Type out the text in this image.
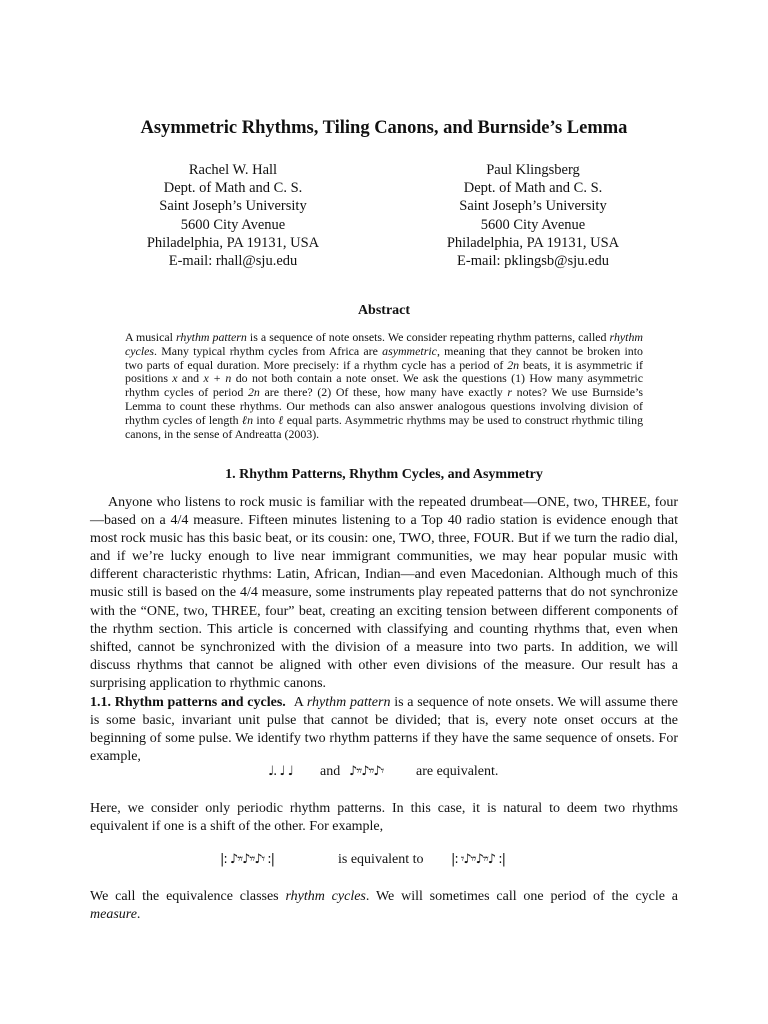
Asymmetric Rhythms, Tiling Canons, and Burnside’s Lemma
Rachel W. Hall
Dept. of Math and C. S.
Saint Joseph’s University
5600 City Avenue
Philadelphia, PA 19131, USA
E-mail: rhall@sju.edu
Paul Klingsberg
Dept. of Math and C. S.
Saint Joseph’s University
5600 City Avenue
Philadelphia, PA 19131, USA
E-mail: pklingsb@sju.edu
Abstract

A musical rhythm pattern is a sequence of note onsets. We consider repeating rhythm patterns, called rhythm cycles. Many typical rhythm cycles from Africa are asymmetric, meaning that they cannot be broken into two parts of equal duration. More precisely: if a rhythm cycle has a period of 2n beats, it is asymmetric if positions x and x + n do not both contain a note onset. We ask the questions (1) How many asymmetric rhythm cycles of period 2n are there? (2) Of these, how many have exactly r notes? We use Burnside’s Lemma to count these rhythms. Our methods can also answer analogous questions involving division of rhythm cycles of length ℓn into ℓ equal parts. Asymmetric rhythms may be used to construct rhythmic tiling canons, in the sense of Andreatta (2003).

1. Rhythm Patterns, Rhythm Cycles, and Asymmetry

Anyone who listens to rock music is familiar with the repeated drumbeat—ONE, two, THREE, four—based on a 4/4 measure. Fifteen minutes listening to a Top 40 radio station is evidence enough that most rock music has this basic beat, or its cousin: one, TWO, three, FOUR. But if we turn the radio dial, and if we’re lucky enough to live near immigrant communities, we may hear popular music with different characteristic rhythms: Latin, African, Indian—and even Macedonian. Although much of this music still is based on the 4/4 measure, some instruments play repeated patterns that do not synchronize with the “ONE, two, THREE, four” beat, creating an exciting tension between different components of the rhythm section. This article is concerned with classifying and counting rhythms that, even when shifted, cannot be synchronized with the division of a measure into two parts. In addition, we will discuss rhythms that cannot be aligned with other even divisions of the measure. Our result has a surprising application to rhythmic canons.

1.1. Rhythm patterns and cycles. A rhythm pattern is a sequence of note onsets. We will assume there is some basic, invariant unit pulse that cannot be divided; that is, every note onset occurs at the beginning of some pulse. We identify two rhythm patterns if they have the same sequence of onsets. For example,

♩. ♩ ♩ and ♪𝄾𝄾♪𝄾𝄾♪𝄾 are equivalent.

Here, we consider only periodic rhythm patterns. In this case, it is natural to deem two rhythms equivalent if one is a shift of the other. For example,

|: ♪𝄾𝄾♪𝄾𝄾♪𝄾 :|	is equivalent to |: 𝄾♪𝄾𝄾♪𝄾𝄾♪ :|

We call the equivalence classes rhythm cycles. We will sometimes call one period of the cycle a measure.
